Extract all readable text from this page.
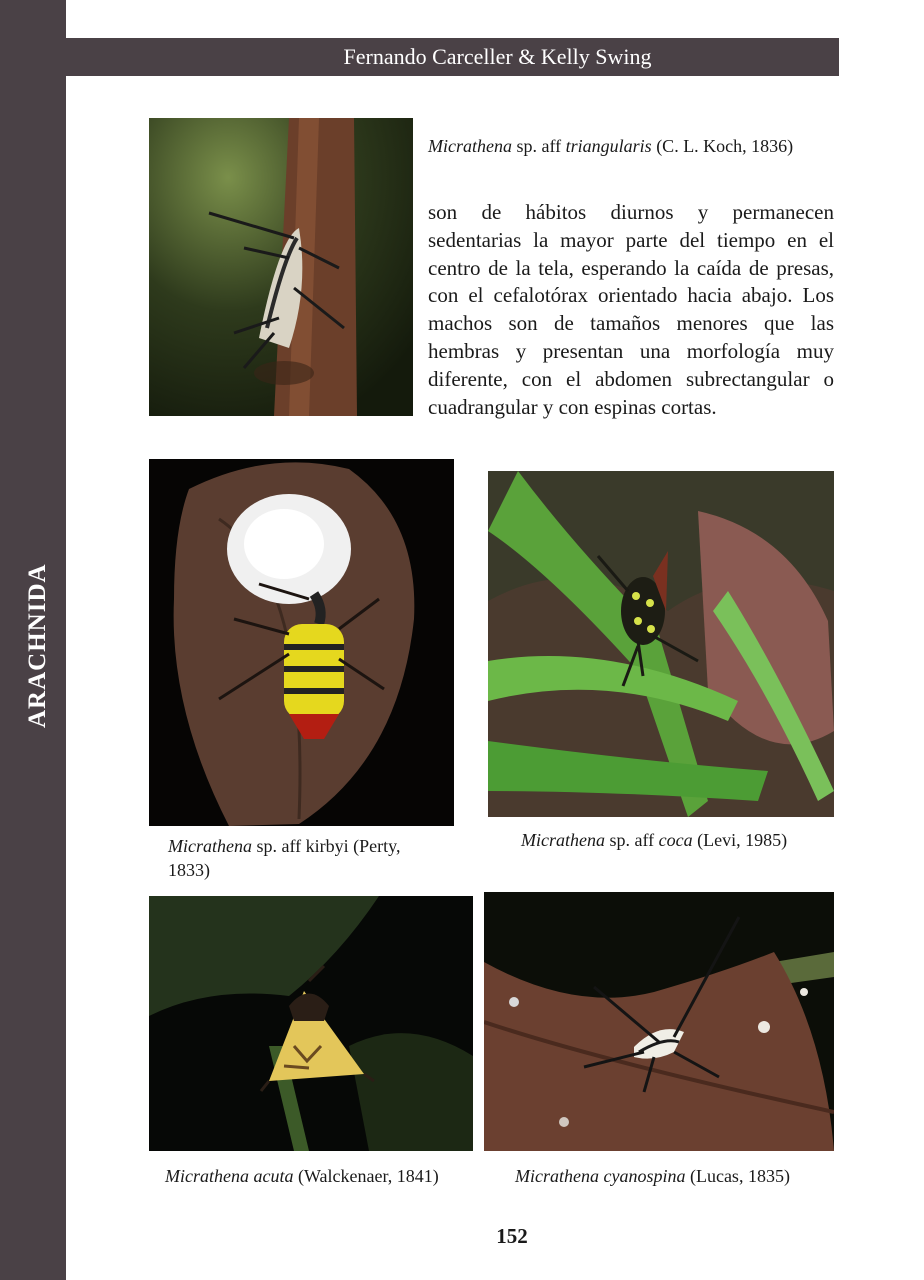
ARACHNIDA
Fernando Carceller & Kelly Swing
Micrathena sp. aff triangularis (C. L. Koch, 1836)
son de hábitos diurnos y permanecen sedentarias la mayor parte del tiempo en el centro de la tela, esperando la caída de presas, con el cefalotórax orientado hacia abajo. Los machos son de tamaños menores que las hembras y presentan una morfología muy diferente, con el abdomen subrectangular o cuadrangular y con espinas cortas.
Micrathena sp. aff kirbyi (Perty, 1833)
Micrathena sp. aff coca (Levi, 1985)
Micrathena acuta (Walckenaer, 1841)	Micrathena cyanospina (Lucas, 1835)
152
